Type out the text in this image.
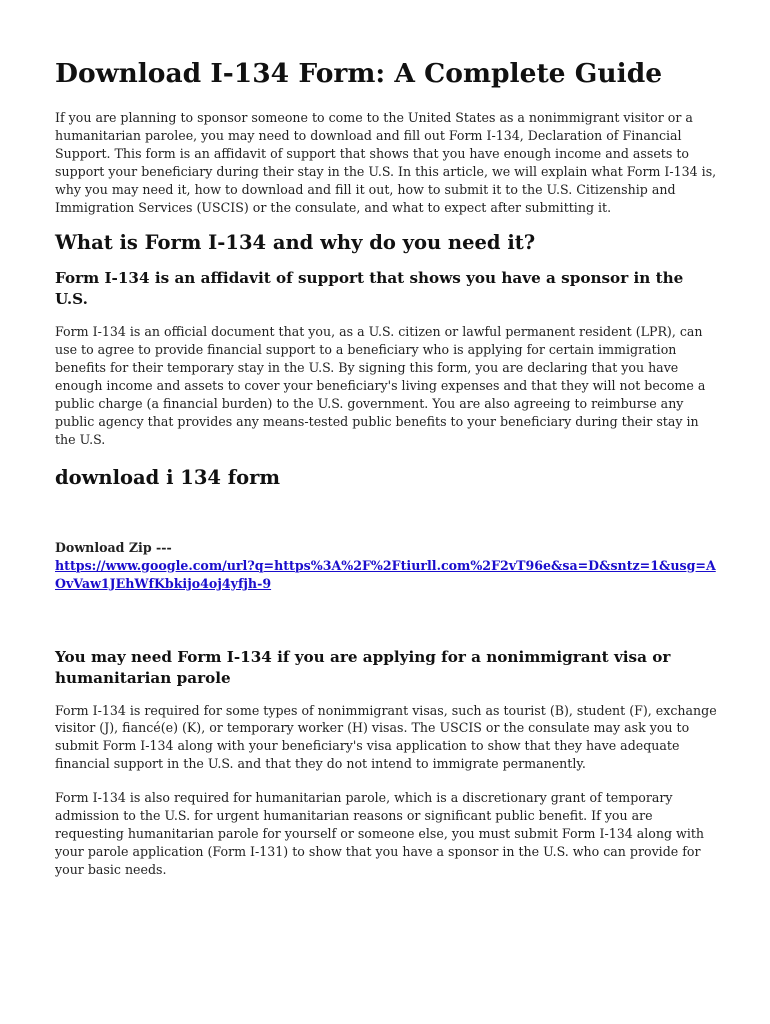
Download I-134 Form: A Complete Guide

If you are planning to sponsor someone to come to the United States as a nonimmigrant visitor or a humanitarian parolee, you may need to download and fill out Form I-134, Declaration of Financial Support. This form is an affidavit of support that shows that you have enough income and assets to support your beneficiary during their stay in the U.S. In this article, we will explain what Form I-134 is, why you may need it, how to download and fill it out, how to submit it to the U.S. Citizenship and Immigration Services (USCIS) or the consulate, and what to expect after submitting it.

What is Form I-134 and why do you need it?
Form I-134 is an affidavit of support that shows you have a sponsor in the U.S.

Form I-134 is an official document that you, as a U.S. citizen or lawful permanent resident (LPR), can use to agree to provide financial support to a beneficiary who is applying for certain immigration benefits for their temporary stay in the U.S. By signing this form, you are declaring that you have enough income and assets to cover your beneficiary's living expenses and that they will not become a public charge (a financial burden) to the U.S. government. You are also agreeing to reimburse any public agency that provides any means-tested public benefits to your beneficiary during their stay in the U.S.

download i 134 form
Download Zip ---
https://www.google.com/url?q=https%3A%2F%2Ftiurll.com%2F2vT96e&sa=D&sntz=1&usg=AOvVaw1JEhWfKbkijo4oj4yfjh-9
You may need Form I-134 if you are applying for a nonimmigrant visa or humanitarian parole

Form I-134 is required for some types of nonimmigrant visas, such as tourist (B), student (F), exchange visitor (J), fiancé(e) (K), or temporary worker (H) visas. The USCIS or the consulate may ask you to submit Form I-134 along with your beneficiary's visa application to show that they have adequate financial support in the U.S. and that they do not intend to immigrate permanently.

Form I-134 is also required for humanitarian parole, which is a discretionary grant of temporary admission to the U.S. for urgent humanitarian reasons or significant public benefit. If you are requesting humanitarian parole for yourself or someone else, you must submit Form I-134 along with your parole application (Form I-131) to show that you have a sponsor in the U.S. who can provide for your basic needs.
